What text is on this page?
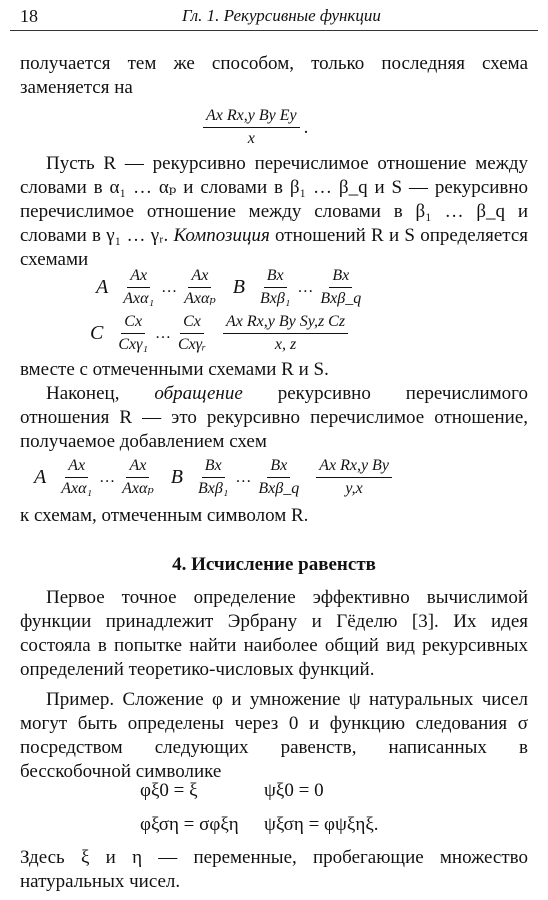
18	Гл. 1. Рекурсивные функции
получается тем же способом, только последняя схема заменяется на
$\frac{\text{Ax Rx,y By Ey}}{x}$ .
Пусть R — рекурсивно перечислимое отношение между словами в α₁ … αₚ и словами в β₁ … β_q и S — рекурсивно перечислимое отношение между словами в β₁ … β_q и словами в γ₁ … γᵣ. Композиция отношений R и S определяется схемами
A $\frac{Ax}{\text{Axα₁}}$ … $\frac{Ax}{\text{Axαₚ}}$ B $\frac{Bx}{\text{Bxβ₁}}$ … $\frac{Bx}{\text{Bxβ\_q}}$
C $\frac{Cx}{\text{Cxγ₁}}$ … $\frac{Cx}{\text{Cxγᵣ}} \frac{\text{Ax Rx,y By Sy,z Cz}}{x, z}$
вместе с отмеченными схемами R и S.
Наконец, обращение рекурсивно перечислимого отношения R — это рекурсивно перечислимое отношение, получаемое добавлением схем
A $\frac{Ax}{\text{Axα₁}}$ … $\frac{Ax}{\text{Axαₚ}}$ B $\frac{Bx}{\text{Bxβ₁}}$ … $\frac{Bx}{\text{Bxβ\_q}} \frac{\text{Ax Rx,y By}}{y,x}$
к схемам, отмеченным символом R.
4. Исчисление равенств
Первое точное определение эффективно вычислимой функции принадлежит Эрбрану и Гёделю [3]. Их идея состояла в попытке найти наиболее общий вид рекурсивных определений теоретико-числовых функций.
Пример. Сложение φ и умножение ψ натуральных чисел могут быть определены через 0 и функцию следования σ посредством следующих равенств, написанных в бесскобочной символике
φξ0 = ξ	ψξ0 = 0
φξση = σφξη ψξση = φψξηξ.
Здесь ξ и η — переменные, пробегающие множество натуральных чисел.
